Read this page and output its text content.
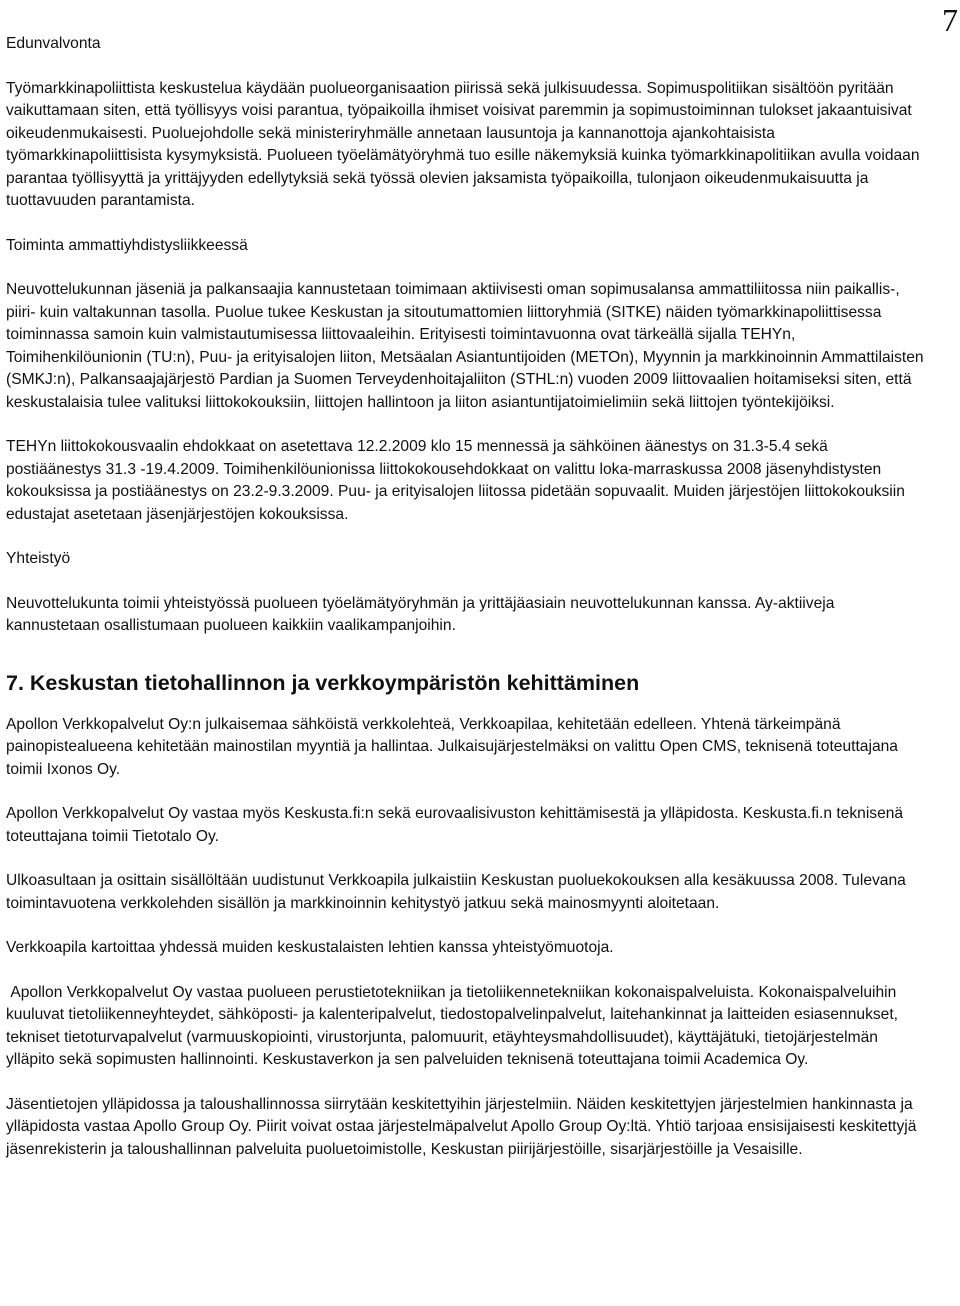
7

Edunvalvonta

Työmarkkinapoliittista keskustelua käydään puolueorganisaation piirissä sekä julkisuudessa. Sopimuspolitiikan sisältöön pyritään vaikuttamaan siten, että työllisyys voisi parantua, työpaikoilla ihmiset voisivat paremmin ja sopimustoiminnan tulokset jakaantuisivat oikeudenmukaisesti. Puoluejohdolle sekä ministeriryhmälle annetaan lausuntoja ja kannanottoja ajankohtaisista työmarkkinapoliittisista kysymyksistä. Puolueen työelämätyöryhmä tuo esille näkemyksiä kuinka työmarkkinapolitiikan avulla voidaan parantaa työllisyyttä ja yrittäjyyden edellytyksiä sekä työssä olevien jaksamista työpaikoilla, tulonjaon oikeudenmukaisuutta ja tuottavuuden parantamista.

Toiminta ammattiyhdistysliikkeessä

Neuvottelukunnan jäseniä ja palkansaajia kannustetaan toimimaan aktiivisesti oman sopimusalansa ammattiliitossa niin paikallis-, piiri- kuin valtakunnan tasolla. Puolue tukee Keskustan ja sitoutumattomien liittoryhmiä (SITKE) näiden työmarkkinapoliittisessa toiminnassa samoin kuin valmistautumisessa liittovaaleihin. Erityisesti toimintavuonna ovat tärkeällä sijalla TEHYn, Toimihenkilöunionin (TU:n), Puu- ja erityisalojen liiton, Metsäalan Asiantuntijoiden (METOn), Myynnin ja markkinoinnin Ammattilaisten (SMKJ:n), Palkansaajajärjestö Pardian ja Suomen Terveydenhoitajaliiton (STHL:n) vuoden 2009 liittovaalien hoitamiseksi siten, että keskustalaisia tulee valituksi liittokokouksiin, liittojen hallintoon ja liiton asiantuntijatoimielimiin sekä liittojen työntekijöiksi.

TEHYn liittokokousvaalin ehdokkaat on asetettava 12.2.2009 klo 15 mennessä ja sähköinen äänestys on 31.3-5.4 sekä postiäänestys 31.3 -19.4.2009. Toimihenkilöunionissa liittokokousehdokkaat on valittu loka-marraskussa 2008 jäsenyhdistysten kokouksissa ja postiäänestys on 23.2-9.3.2009. Puu- ja erityisalojen liitossa pidetään sopuvaalit. Muiden järjestöjen liittokokouksiin edustajat asetetaan jäsenjärjestöjen kokouksissa.

Yhteistyö

Neuvottelukunta toimii yhteistyössä puolueen työelämätyöryhmän ja yrittäjäasiain neuvottelukunnan kanssa. Ay-aktiiveja kannustetaan osallistumaan puolueen kaikkiin vaalikampanjoihin.

7. Keskustan tietohallinnon ja verkkoympäristön kehittäminen

Apollon Verkkopalvelut Oy:n julkaisemaa sähköistä verkkolehteä, Verkkoapilaa, kehitetään edelleen. Yhtenä tärkeimpänä painopistealueena kehitetään mainostilan myyntiä ja hallintaa. Julkaisujärjestelmäksi on valittu Open CMS, teknisenä toteuttajana toimii Ixonos Oy.

Apollon Verkkopalvelut Oy vastaa myös Keskusta.fi:n sekä eurovaalisivuston kehittämisestä ja ylläpidosta. Keskusta.fi.n teknisenä toteuttajana toimii Tietotalo Oy.

Ulkoasultaan ja osittain sisällöltään uudistunut Verkkoapila julkaistiin Keskustan puoluekokouksen alla kesäkuussa 2008. Tulevana toimintavuotena verkkolehden sisällön ja markkinoinnin kehitystyö jatkuu sekä mainosmyynti aloitetaan.

Verkkoapila kartoittaa yhdessä muiden keskustalaisten lehtien kanssa yhteistyömuotoja.

Apollon Verkkopalvelut Oy vastaa puolueen perustietotekniikan ja tietoliikennetekniikan kokonaispalveluista. Kokonaispalveluihin kuuluvat tietoliikenneyhteydet, sähköposti- ja kalenteripalvelut, tiedostopalvelinpalvelut, laitehankinnat ja laitteiden esiasennukset, tekniset tietoturvapalvelut (varmuuskopiointi, virustorjunta, palomuurit, etäyhteysmahdollisuudet), käyttäjätuki, tietojärjestelmän ylläpito sekä sopimusten hallinnointi. Keskustaverkon ja sen palveluiden teknisenä toteuttajana toimii Academica Oy.

Jäsentietojen ylläpidossa ja taloushallinnossa siirrytään keskitettyihin järjestelmiin. Näiden keskitettyjen järjestelmien hankinnasta ja ylläpidosta vastaa Apollo Group Oy. Piirit voivat ostaa järjestelmäpalvelut Apollo Group Oy:ltä. Yhtiö tarjoaa ensisijaisesti keskitettyjä jäsenrekisterin ja taloushallinnan palveluita puoluetoimistolle, Keskustan piirijärjestöille, sisarjärjestöille ja Vesaisille.
